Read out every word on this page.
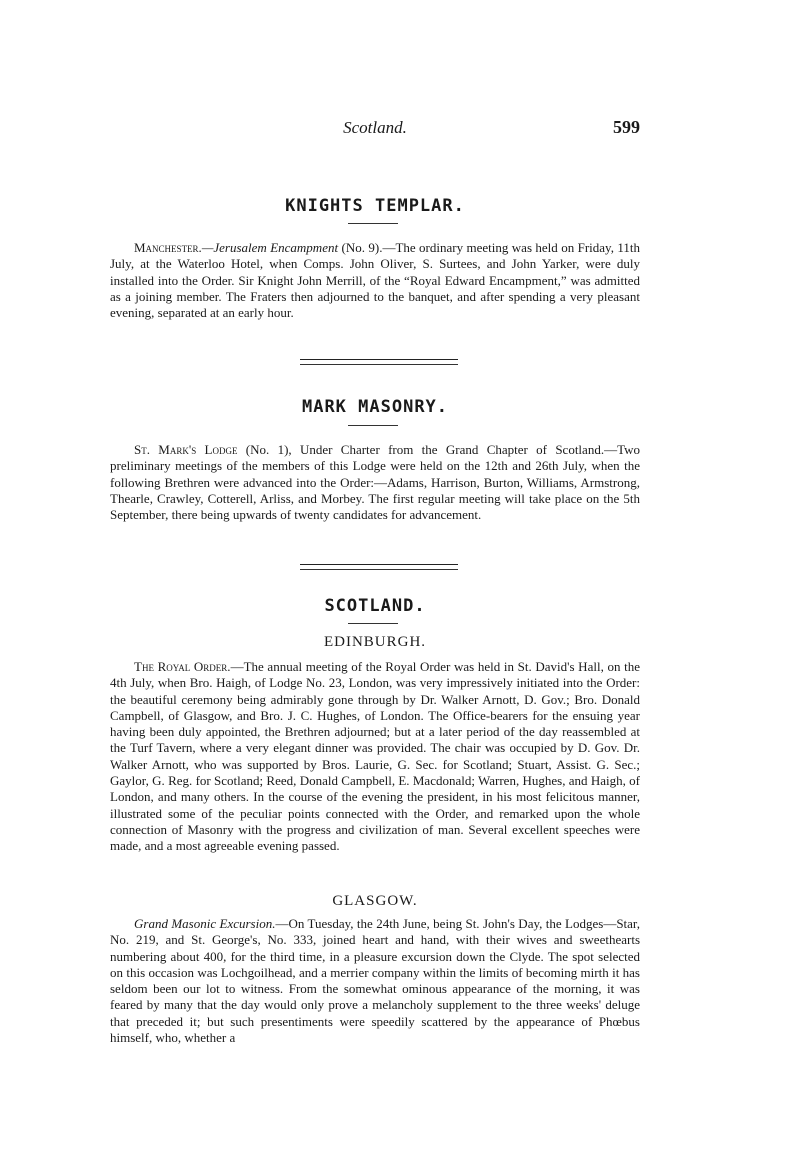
Scotland.	599
KNIGHTS TEMPLAR.

Manchester.—Jerusalem Encampment (No. 9).—The ordinary meeting was held on Friday, 11th July, at the Waterloo Hotel, when Comps. John Oliver, S. Surtees, and John Yarker, were duly installed into the Order. Sir Knight John Merrill, of the “Royal Edward Encampment,” was admitted as a joining member. The Fraters then adjourned to the banquet, and after spending a very pleasant evening, separated at an early hour.

MARK MASONRY.

St. Mark's Lodge (No. 1), Under Charter from the Grand Chapter of Scotland.—Two preliminary meetings of the members of this Lodge were held on the 12th and 26th July, when the following Brethren were advanced into the Order:—Adams, Harrison, Burton, Williams, Armstrong, Thearle, Crawley, Cotterell, Arliss, and Morbey. The first regular meeting will take place on the 5th September, there being upwards of twenty candidates for advancement.

SCOTLAND.
EDINBURGH.

The Royal Order.—The annual meeting of the Royal Order was held in St. David's Hall, on the 4th July, when Bro. Haigh, of Lodge No. 23, London, was very impressively initiated into the Order: the beautiful ceremony being admirably gone through by Dr. Walker Arnott, D. Gov.; Bro. Donald Campbell, of Glasgow, and Bro. J. C. Hughes, of London. The Office-bearers for the ensuing year having been duly appointed, the Brethren adjourned; but at a later period of the day reassembled at the Turf Tavern, where a very elegant dinner was provided. The chair was occupied by D. Gov. Dr. Walker Arnott, who was supported by Bros. Laurie, G. Sec. for Scotland; Stuart, Assist. G. Sec.; Gaylor, G. Reg. for Scotland; Reed, Donald Campbell, E. Macdonald; Warren, Hughes, and Haigh, of London, and many others. In the course of the evening the president, in his most felicitous manner, illustrated some of the peculiar points connected with the Order, and remarked upon the whole connection of Masonry with the progress and civilization of man. Several excellent speeches were made, and a most agreeable evening passed.

GLASGOW.

Grand Masonic Excursion.—On Tuesday, the 24th June, being St. John's Day, the Lodges—Star, No. 219, and St. George's, No. 333, joined heart and hand, with their wives and sweethearts numbering about 400, for the third time, in a pleasure excursion down the Clyde. The spot selected on this occasion was Lochgoilhead, and a merrier company within the limits of becoming mirth it has seldom been our lot to witness. From the somewhat ominous appearance of the morning, it was feared by many that the day would only prove a melancholy supplement to the three weeks' deluge that preceded it; but such presentiments were speedily scattered by the appearance of Phœbus himself, who, whether a
